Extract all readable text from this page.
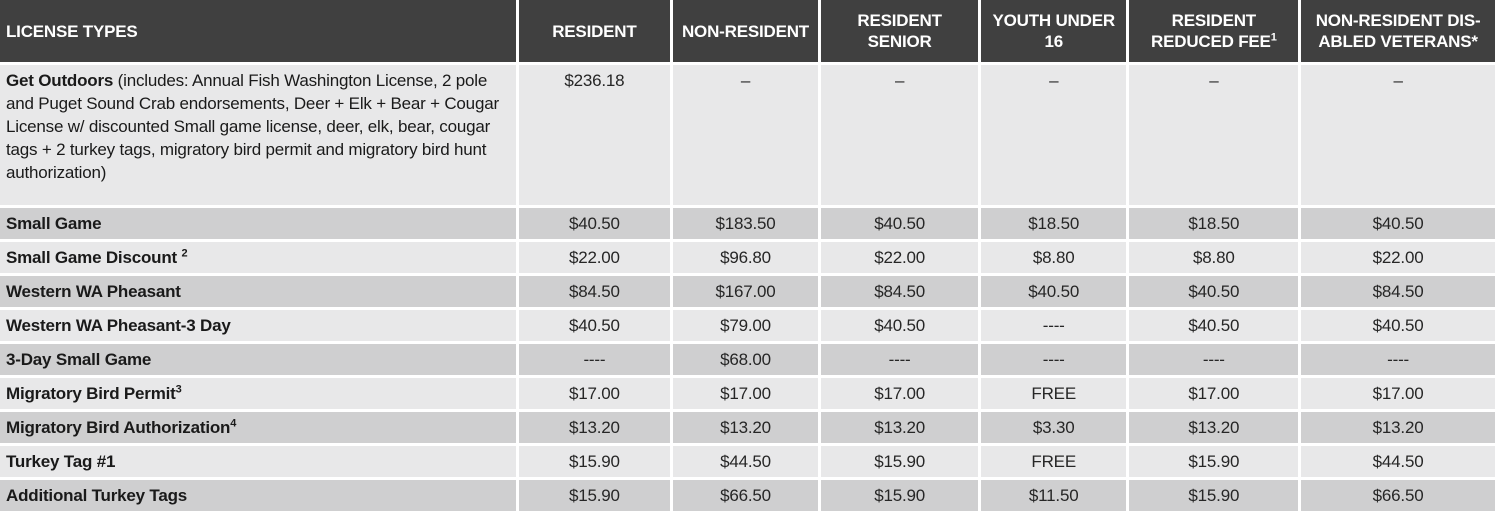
LICENSE TYPES	RESIDENT	NON-RESIDENT	RESIDENT SENIOR	YOUTH UNDER 16	RESIDENT REDUCED FEE$^1$	NON-RESIDENT DIS-ABLED VETERANS*
Get Outdoors (includes: Annual Fish Washington License, 2 pole and Puget Sound Crab endorsements, Deer + Elk + Bear + Cougar License w/ discounted Small game license, deer, elk, bear, cougar tags + 2 turkey tags, migratory bird permit and migratory bird hunt authorization)	$236.18	–	–	–	–	–
Small Game	$40.50	$183.50	$40.50	$18.50	$18.50	$40.50
Small Game Discount $^2$	$22.00	$96.80	$22.00	$8.80	$8.80	$22.00
Western WA Pheasant	$84.50	$167.00	$84.50	$40.50	$40.50	$84.50
Western WA Pheasant-3 Day	$40.50	$79.00	$40.50	----	$40.50	$40.50
3-Day Small Game	----	$68.00	----	----	----	----
Migratory Bird Permit$^3$	$17.00	$17.00	$17.00	FREE	$17.00	$17.00
Migratory Bird Authorization$^4$	$13.20	$13.20	$13.20	$3.30	$13.20	$13.20
Turkey Tag #1	$15.90	$44.50	$15.90	FREE	$15.90	$44.50
Additional Turkey Tags	$15.90	$66.50	$15.90	$11.50	$15.90	$66.50
